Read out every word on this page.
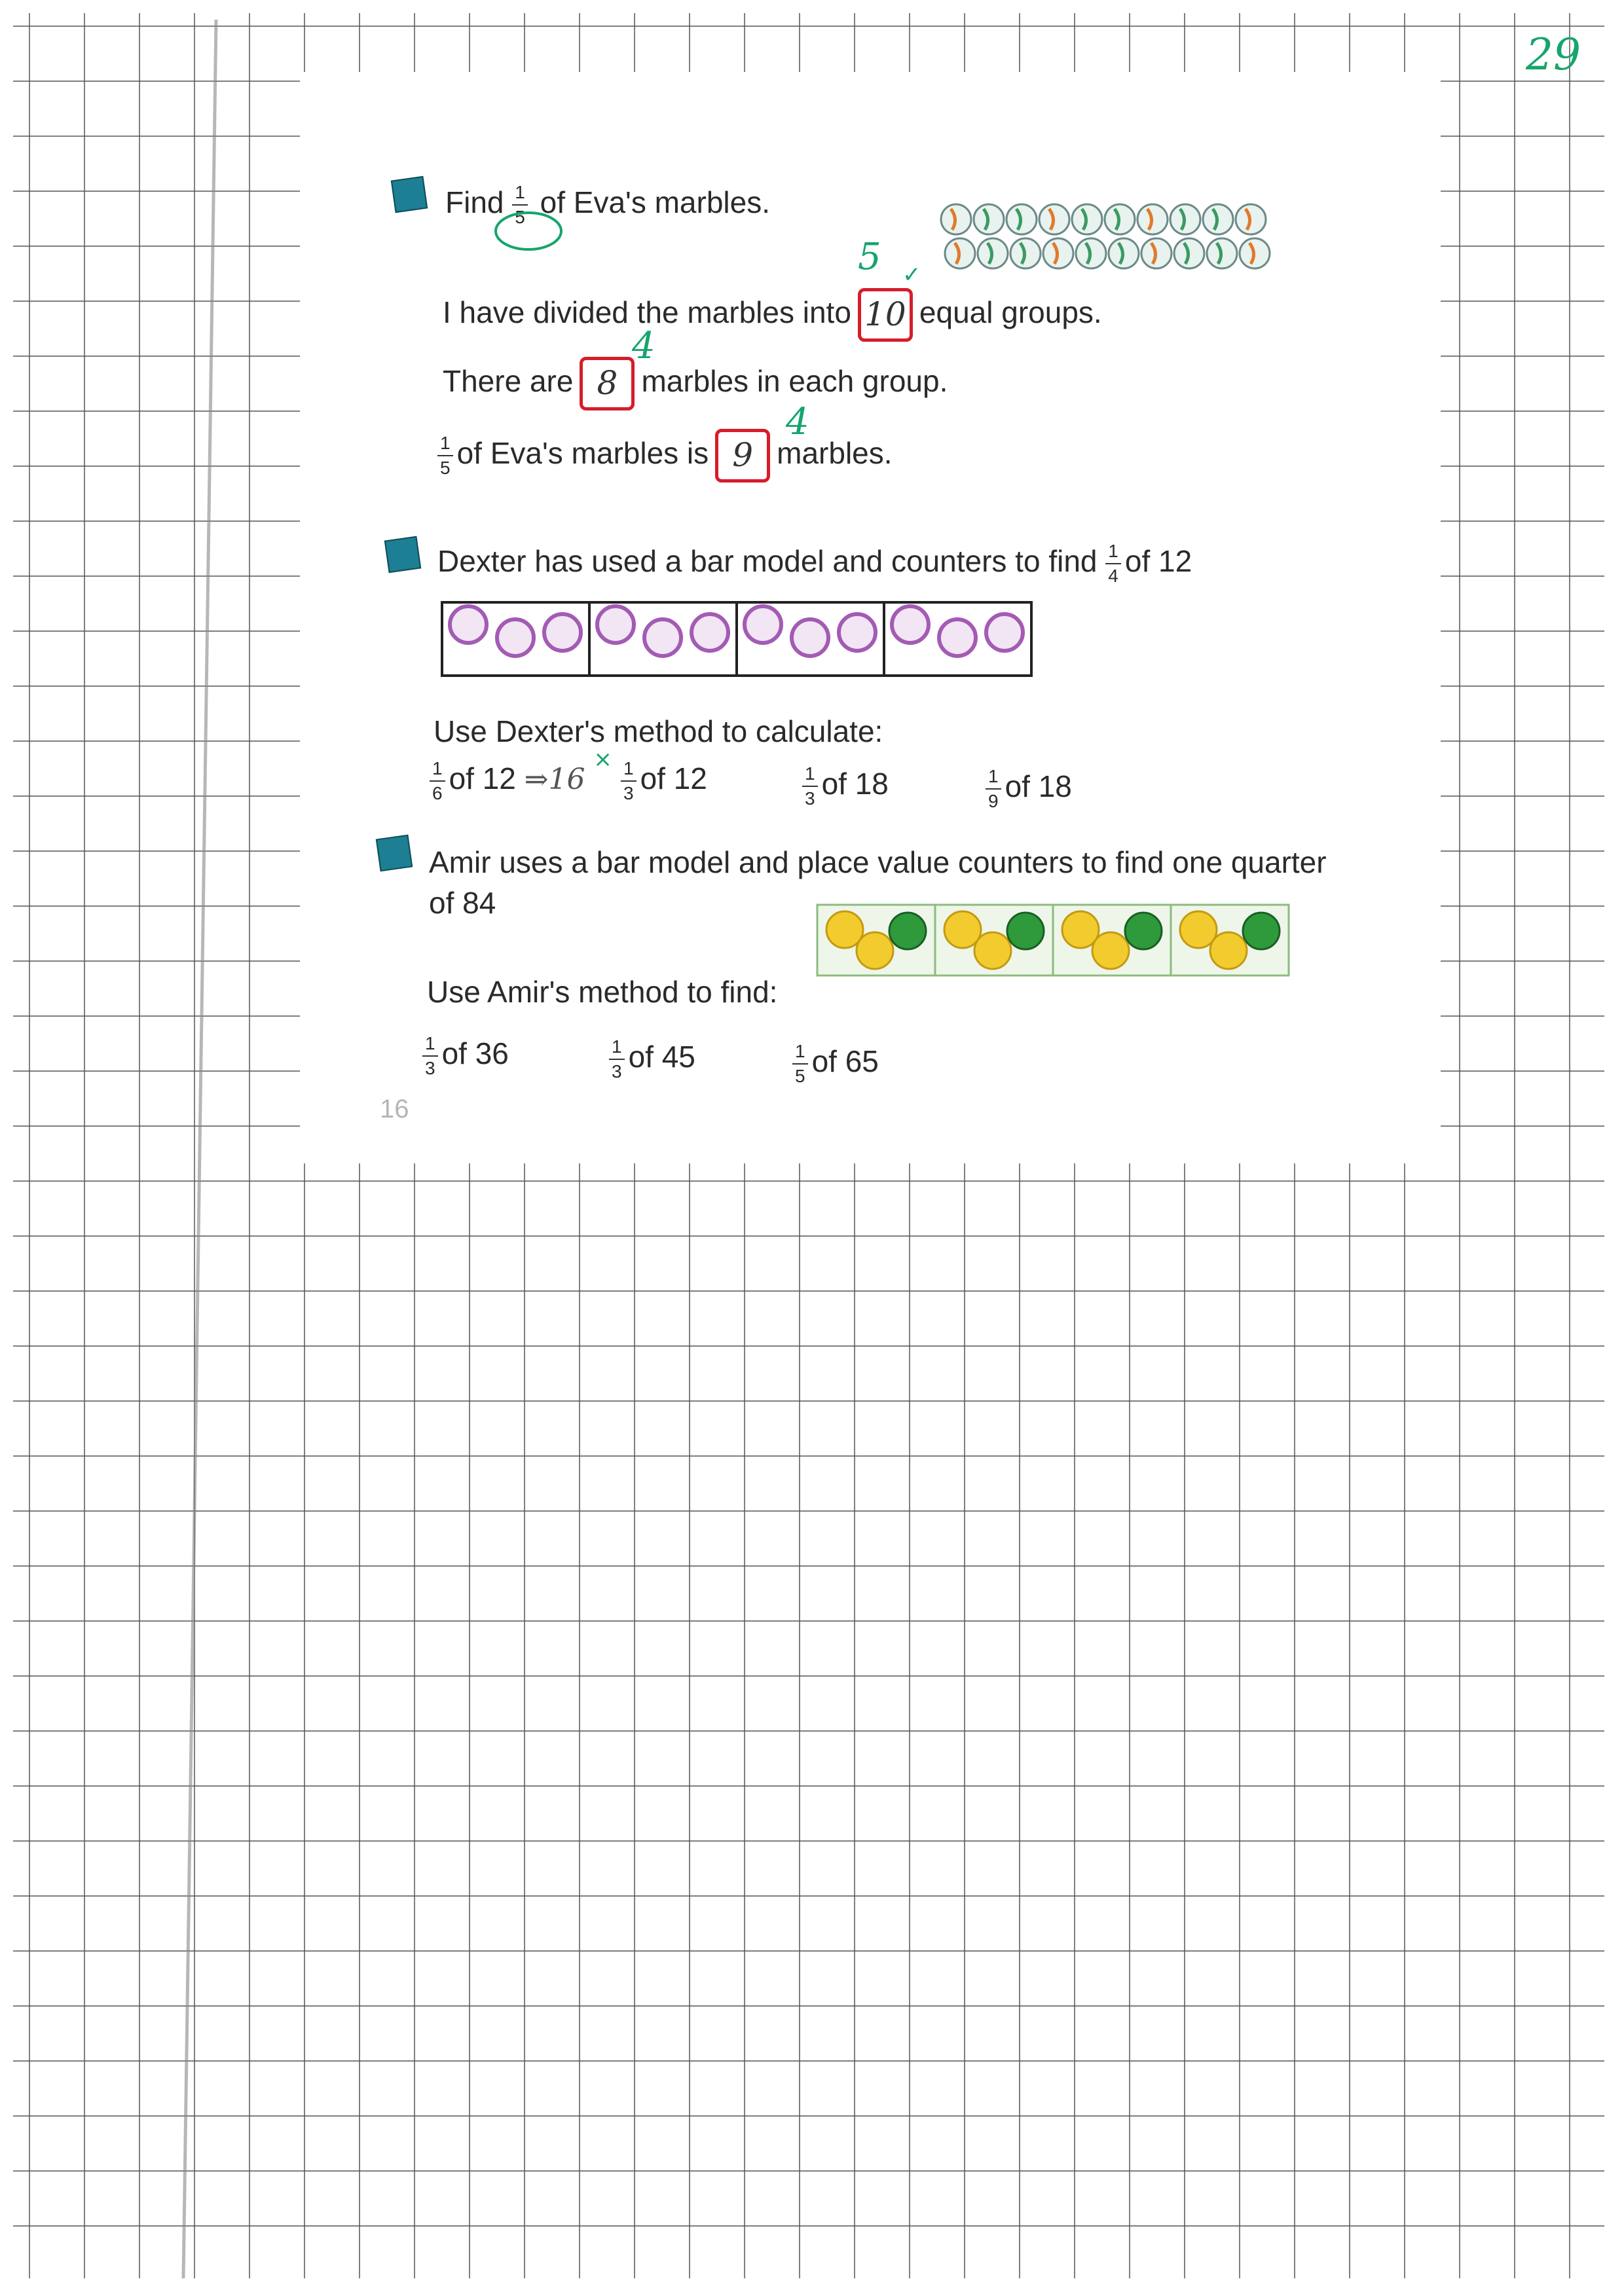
29
Find $\frac{1}{5}$ of Eva's marbles.
5 ✓
I have divided the marbles into 10 equal groups.
4
There are 8 marbles in each group.
4
$\frac{1}{5}$ of Eva's marbles is 9 marbles.
Dexter has used a bar model and counters to find $\frac{1}{4}$ of 12
Use Dexter's method to calculate:
$\frac{1}{6}$ of 12 ⇒16 $^\times \frac{1}{3}$ of 12	$\frac{1}{3}$ of 18	$\frac{1}{9}$ of 18
Amir uses a bar model and place value counters to find one quarter
of 84
Use Amir's method to find:
$\frac{1}{3}$ of 36	$\frac{1}{3}$ of 45	$\frac{1}{5}$ of 65
16
